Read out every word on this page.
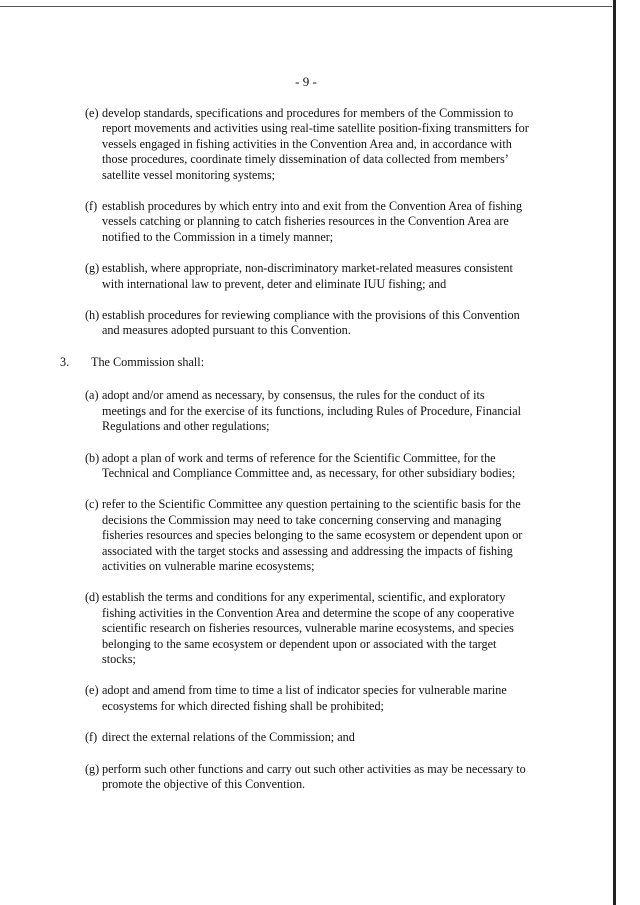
- 9 -
(e) develop standards, specifications and procedures for members of the Commission to report movements and activities using real-time satellite position-fixing transmitters for vessels engaged in fishing activities in the Convention Area and, in accordance with those procedures, coordinate timely dissemination of data collected from members’ satellite vessel monitoring systems;
(f) establish procedures by which entry into and exit from the Convention Area of fishing vessels catching or planning to catch fisheries resources in the Convention Area are notified to the Commission in a timely manner;
(g) establish, where appropriate, non-discriminatory market-related measures consistent with international law to prevent, deter and eliminate IUU fishing; and
(h) establish procedures for reviewing compliance with the provisions of this Convention and measures adopted pursuant to this Convention.
3. The Commission shall:
(a) adopt and/or amend as necessary, by consensus, the rules for the conduct of its meetings and for the exercise of its functions, including Rules of Procedure, Financial Regulations and other regulations;
(b) adopt a plan of work and terms of reference for the Scientific Committee, for the Technical and Compliance Committee and, as necessary, for other subsidiary bodies;
(c) refer to the Scientific Committee any question pertaining to the scientific basis for the decisions the Commission may need to take concerning conserving and managing fisheries resources and species belonging to the same ecosystem or dependent upon or associated with the target stocks and assessing and addressing the impacts of fishing activities on vulnerable marine ecosystems;
(d) establish the terms and conditions for any experimental, scientific, and exploratory fishing activities in the Convention Area and determine the scope of any cooperative scientific research on fisheries resources, vulnerable marine ecosystems, and species belonging to the same ecosystem or dependent upon or associated with the target stocks;
(e) adopt and amend from time to time a list of indicator species for vulnerable marine ecosystems for which directed fishing shall be prohibited;
(f) direct the external relations of the Commission; and
(g) perform such other functions and carry out such other activities as may be necessary to promote the objective of this Convention.
